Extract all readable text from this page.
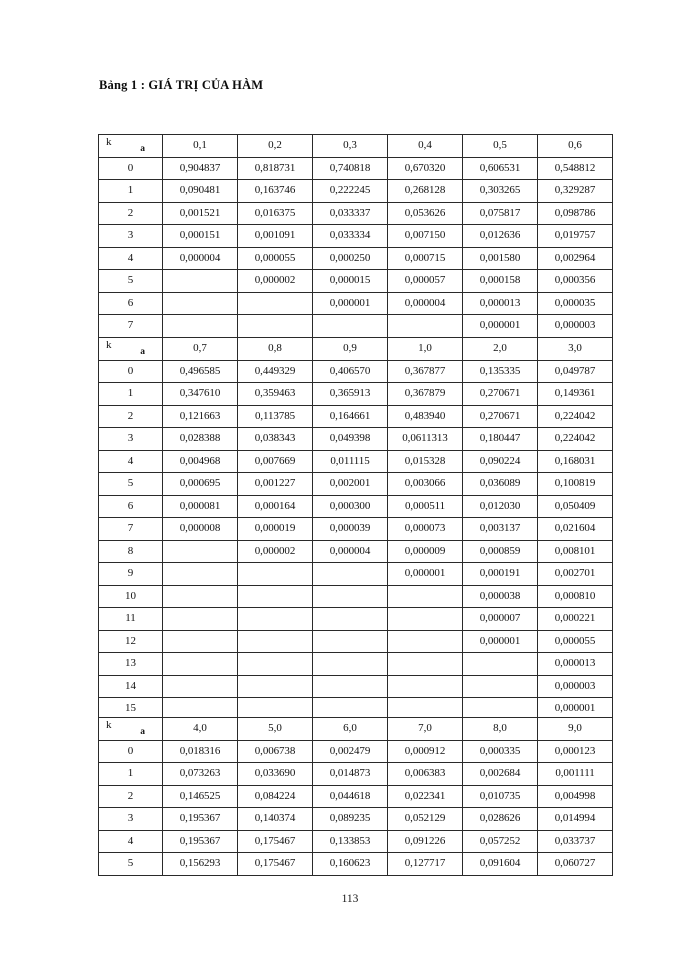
Bảng 1 : GIÁ TRỊ CỦA HÀM
a
k	0,1	0,2	0,3	0,4	0,5	0,6
0	0,904837	0,818731	0,740818	0,670320	0,606531	0,548812
1	0,090481	0,163746	0,222245	0,268128	0,303265	0,329287
2	0,001521	0,016375	0,033337	0,053626	0,075817	0,098786
3	0,000151	0,001091	0,033334	0,007150	0,012636	0,019757
4	0,000004	0,000055	0,000250	0,000715	0,001580	0,002964
5		0,000002	0,000015	0,000057	0,000158	0,000356
6			0,000001	0,000004	0,000013	0,000035
7					0,000001	0,000003
a
k	0,7	0,8	0,9	1,0	2,0	3,0
0	0,496585	0,449329	0,406570	0,367877	0,135335	0,049787
1	0,347610	0,359463	0,365913	0,367879	0,270671	0,149361
2	0,121663	0,113785	0,164661	0,483940	0,270671	0,224042
3	0,028388	0,038343	0,049398	0,0611313	0,180447	0,224042
4	0,004968	0,007669	0,011115	0,015328	0,090224	0,168031
5	0,000695	0,001227	0,002001	0,003066	0,036089	0,100819
6	0,000081	0,000164	0,000300	0,000511	0,012030	0,050409
7	0,000008	0,000019	0,000039	0,000073	0,003137	0,021604
8		0,000002	0,000004	0,000009	0,000859	0,008101
9				0,000001	0,000191	0,002701
10					0,000038	0,000810
11					0,000007	0,000221
12					0,000001	0,000055
13						0,000013
14						0,000003
15						0,000001
a
k	4,0	5,0	6,0	7,0	8,0	9,0
0	0,018316	0,006738	0,002479	0,000912	0,000335	0,000123
1	0,073263	0,033690	0,014873	0,006383	0,002684	0,001111
2	0,146525	0,084224	0,044618	0,022341	0,010735	0,004998
3	0,195367	0,140374	0,089235	0,052129	0,028626	0,014994
4	0,195367	0,175467	0,133853	0,091226	0,057252	0,033737
5	0,156293	0,175467	0,160623	0,127717	0,091604	0,060727
113
